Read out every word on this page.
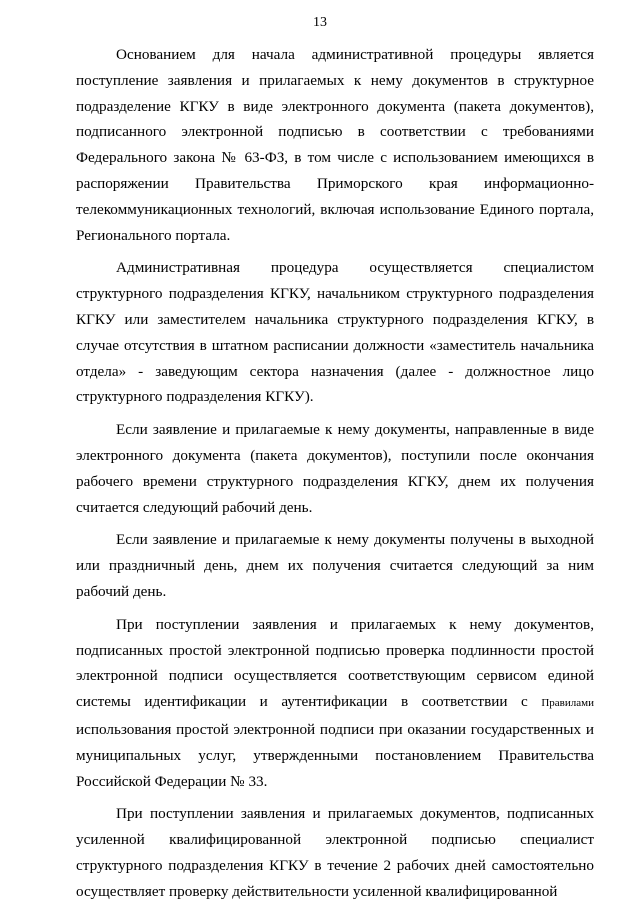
13

Основанием для начала административной процедуры является поступление заявления и прилагаемых к нему документов в структурное подразделение КГКУ в виде электронного документа (пакета документов), подписанного электронной подписью в соответствии с требованиями Федерального закона № 63-ФЗ, в том числе с использованием имеющихся в распоряжении Правительства Приморского края информационно-телекоммуникационных технологий, включая использование Единого портала, Регионального портала.

Административная процедура осуществляется специалистом структурного подразделения КГКУ, начальником структурного подразделения КГКУ или заместителем начальника структурного подразделения КГКУ, в случае отсутствия в штатном расписании должности «заместитель начальника отдела» - заведующим сектора назначения (далее - должностное лицо структурного подразделения КГКУ).

Если заявление и прилагаемые к нему документы, направленные в виде электронного документа (пакета документов), поступили после окончания рабочего времени структурного подразделения КГКУ, днем их получения считается следующий рабочий день.

Если заявление и прилагаемые к нему документы получены в выходной или праздничный день, днем их получения считается следующий за ним рабочий день.

При поступлении заявления и прилагаемых к нему документов, подписанных простой электронной подписью проверка подлинности простой электронной подписи осуществляется соответствующим сервисом единой системы идентификации и аутентификации в соответствии с Правилами использования простой электронной подписи при оказании государственных и муниципальных услуг, утвержденными постановлением Правительства Российской Федерации № 33.

При поступлении заявления и прилагаемых документов, подписанных усиленной квалифицированной электронной подписью специалист структурного подразделения КГКУ в течение 2 рабочих дней самостоятельно осуществляет проверку действительности усиленной квалифицированной
